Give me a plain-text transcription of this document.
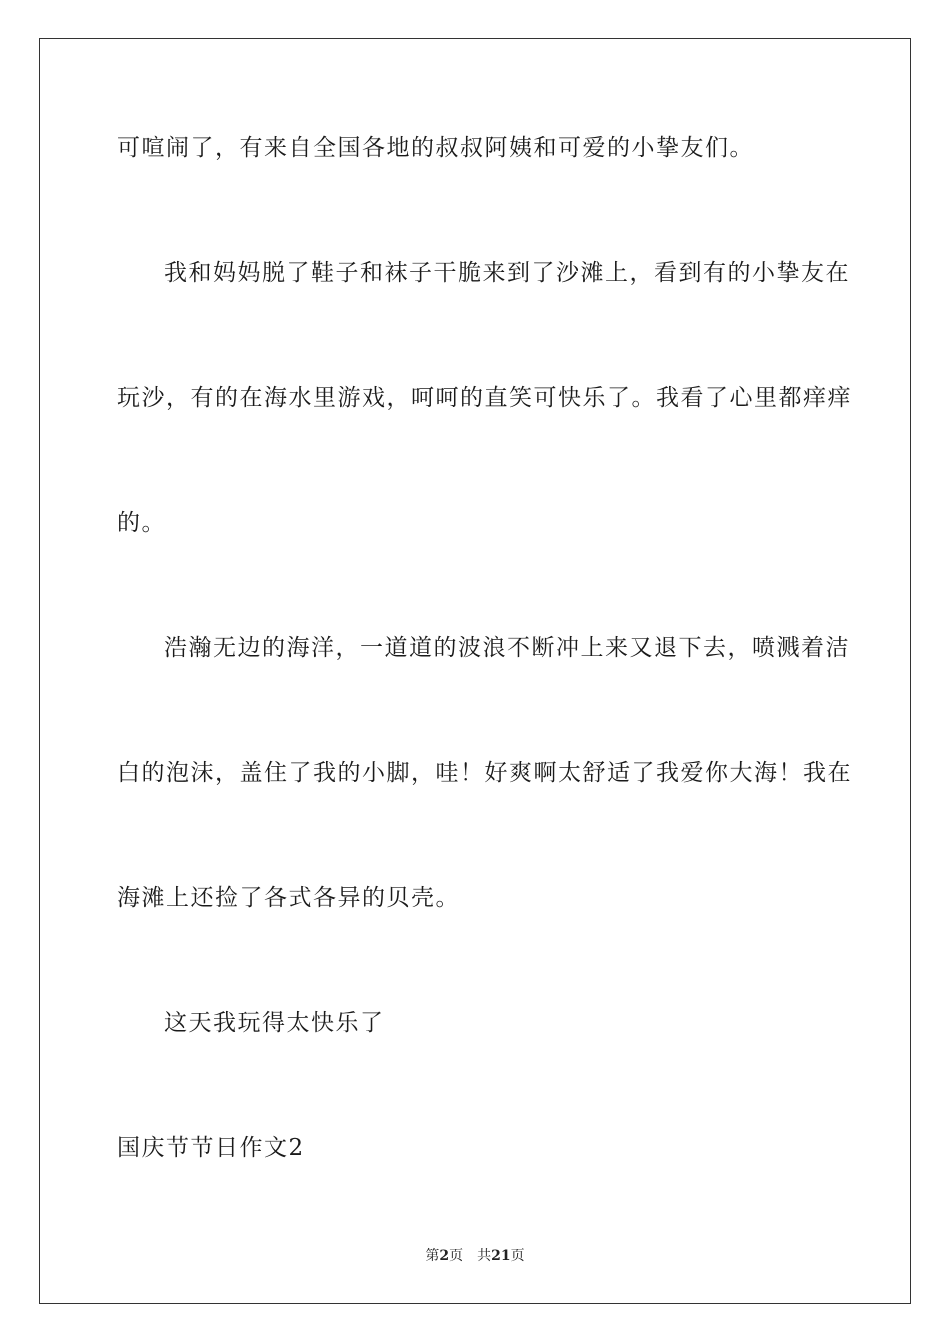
可喧闹了，有来自全国各地的叔叔阿姨和可爱的小挚友们。
我和妈妈脱了鞋子和袜子干脆来到了沙滩上，看到有的小挚友在
玩沙，有的在海水里游戏，呵呵的直笑可快乐了。我看了心里都痒痒
的。
浩瀚无边的海洋，一道道的波浪不断冲上来又退下去，喷溅着洁
白的泡沫，盖住了我的小脚，哇！好爽啊太舒适了我爱你大海！我在
海滩上还捡了各式各异的贝壳。
这天我玩得太快乐了
国庆节节日作文2
第2页 共21页
